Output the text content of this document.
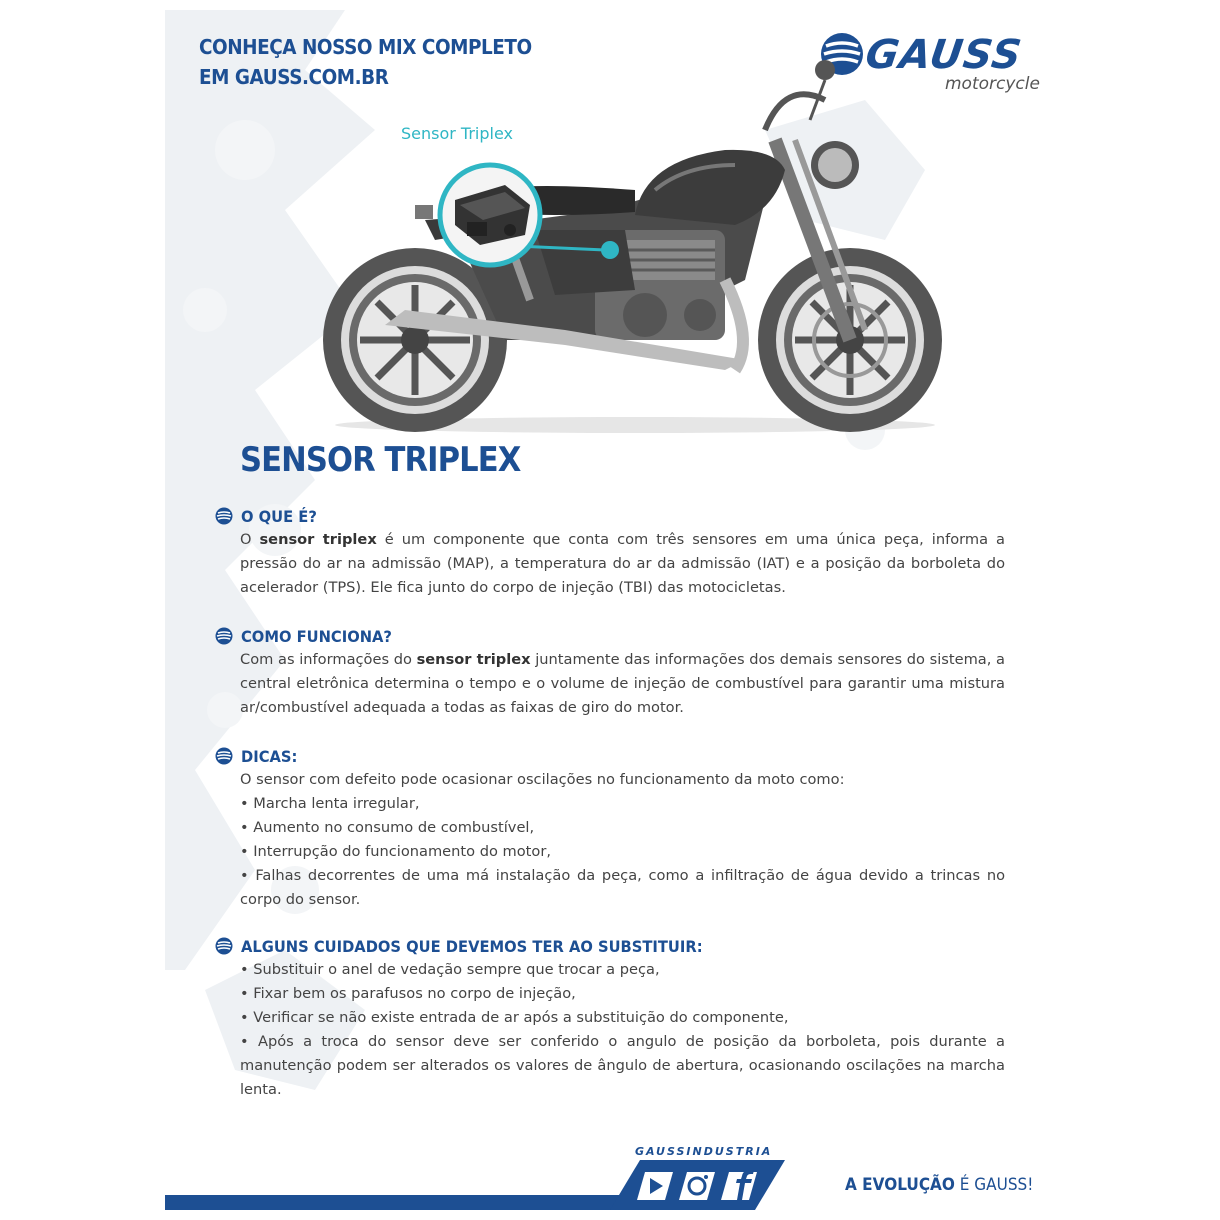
CONHEÇA NOSSO MIX COMPLETO
EM GAUSS.COM.BR	GAUSS
motorcycle
Sensor Triplex
SENSOR TRIPLEX
O QUE É?
O sensor triplex é um componente que conta com três sensores em uma única peça, informa a pressão do ar na admissão (MAP), a temperatura do ar da admissão (IAT) e a posição da borboleta do acelerador (TPS). Ele fica junto do corpo de injeção (TBI) das motocicletas.
COMO FUNCIONA?
Com as informações do sensor triplex juntamente das informações dos demais sensores do sistema, a central eletrônica determina o tempo e o volume de injeção de combustível para garantir uma mistura ar/combustível adequada a todas as faixas de giro do motor.
DICAS:
O sensor com defeito pode ocasionar oscilações no funcionamento da moto como:
• Marcha lenta irregular,
• Aumento no consumo de combustível,
• Interrupção do funcionamento do motor,
• Falhas decorrentes de uma má instalação da peça, como a infiltração de água devido a trincas no corpo do sensor.
ALGUNS CUIDADOS QUE DEVEMOS TER AO SUBSTITUIR:
• Substituir o anel de vedação sempre que trocar a peça,
• Fixar bem os parafusos no corpo de injeção,
• Verificar se não existe entrada de ar após a substituição do componente,
• Após a troca do sensor deve ser conferido o angulo de posição da borboleta, pois durante a manutenção podem ser alterados os valores de ângulo de abertura, ocasionando oscilações na marcha lenta.
GAUSSINDUSTRIA
A EVOLUÇÃO É GAUSS!
